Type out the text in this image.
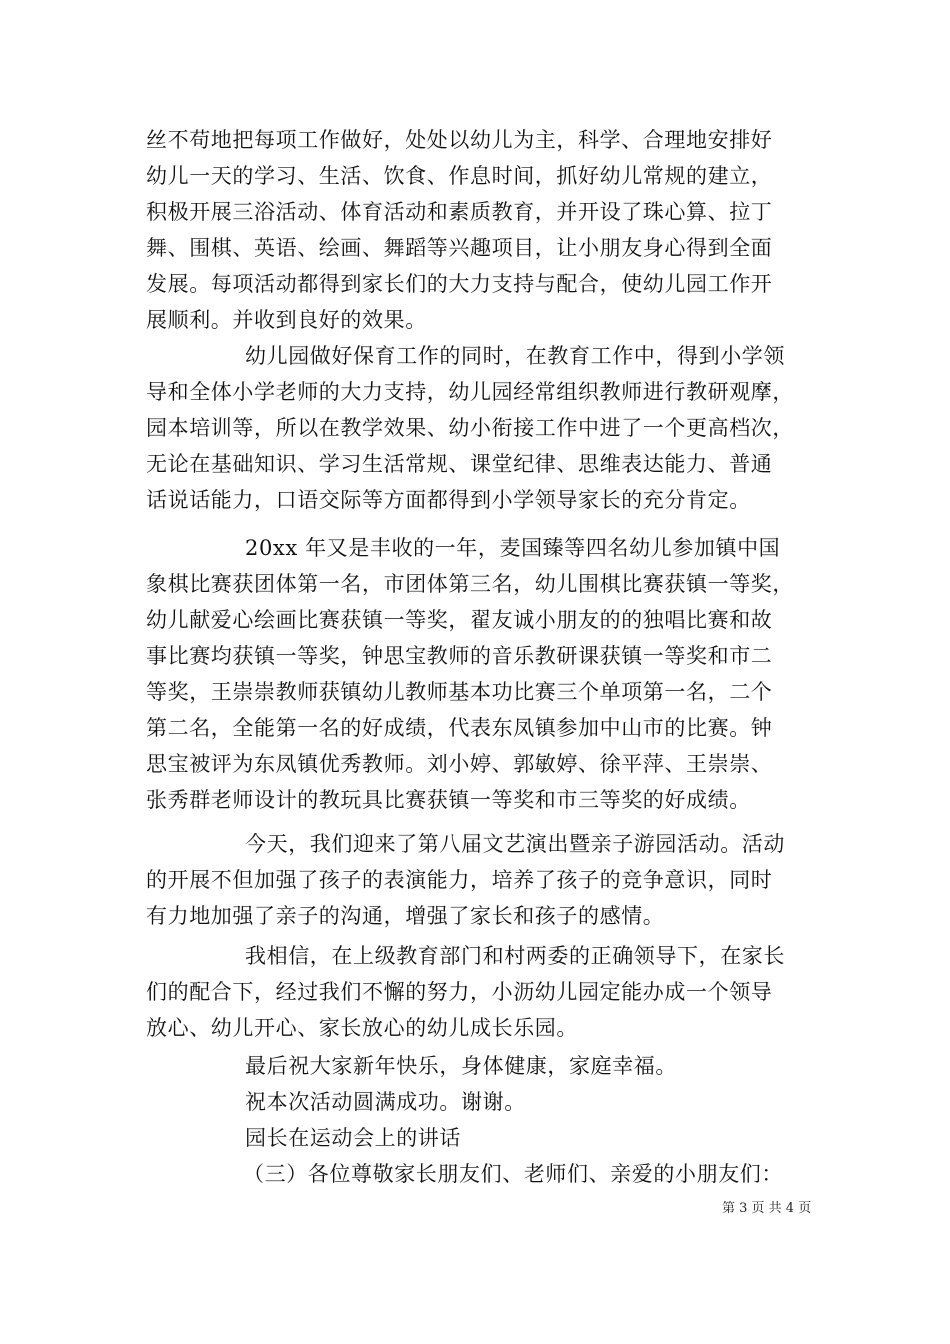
丝不苟地把每项工作做好，处处以幼儿为主，科学、合理地安排好
幼儿一天的学习、生活、饮食、作息时间，抓好幼儿常规的建立，
积极开展三浴活动、体育活动和素质教育，并开设了珠心算、拉丁
舞、围棋、英语、绘画、舞蹈等兴趣项目，让小朋友身心得到全面
发展。每项活动都得到家长们的大力支持与配合，使幼儿园工作开
展顺利。并收到良好的效果。
幼儿园做好保育工作的同时，在教育工作中，得到小学领
导和全体小学老师的大力支持，幼儿园经常组织教师进行教研观摩，
园本培训等，所以在教学效果、幼小衔接工作中进了一个更高档次，
无论在基础知识、学习生活常规、课堂纪律、思维表达能力、普通
话说话能力，口语交际等方面都得到小学领导家长的充分肯定。
20xx 年又是丰收的一年，麦国臻等四名幼儿参加镇中国
象棋比赛获团体第一名，市团体第三名，幼儿围棋比赛获镇一等奖，
幼儿献爱心绘画比赛获镇一等奖，翟友诚小朋友的的独唱比赛和故
事比赛均获镇一等奖，钟思宝教师的音乐教研课获镇一等奖和市二
等奖，王崇崇教师获镇幼儿教师基本功比赛三个单项第一名，二个
第二名，全能第一名的好成绩，代表东凤镇参加中山市的比赛。钟
思宝被评为东凤镇优秀教师。刘小婷、郭敏婷、徐平萍、王崇崇、
张秀群老师设计的教玩具比赛获镇一等奖和市三等奖的好成绩。
今天，我们迎来了第八届文艺演出暨亲子游园活动。活动
的开展不但加强了孩子的表演能力，培养了孩子的竞争意识，同时
有力地加强了亲子的沟通，增强了家长和孩子的感情。
我相信，在上级教育部门和村两委的正确领导下，在家长
们的配合下，经过我们不懈的努力，小沥幼儿园定能办成一个领导
放心、幼儿开心、家长放心的幼儿成长乐园。
最后祝大家新年快乐，身体健康，家庭幸福。
祝本次活动圆满成功。谢谢。
园长在运动会上的讲话
（三）各位尊敬家长朋友们、老师们、亲爱的小朋友们：
第 3 页 共 4 页
